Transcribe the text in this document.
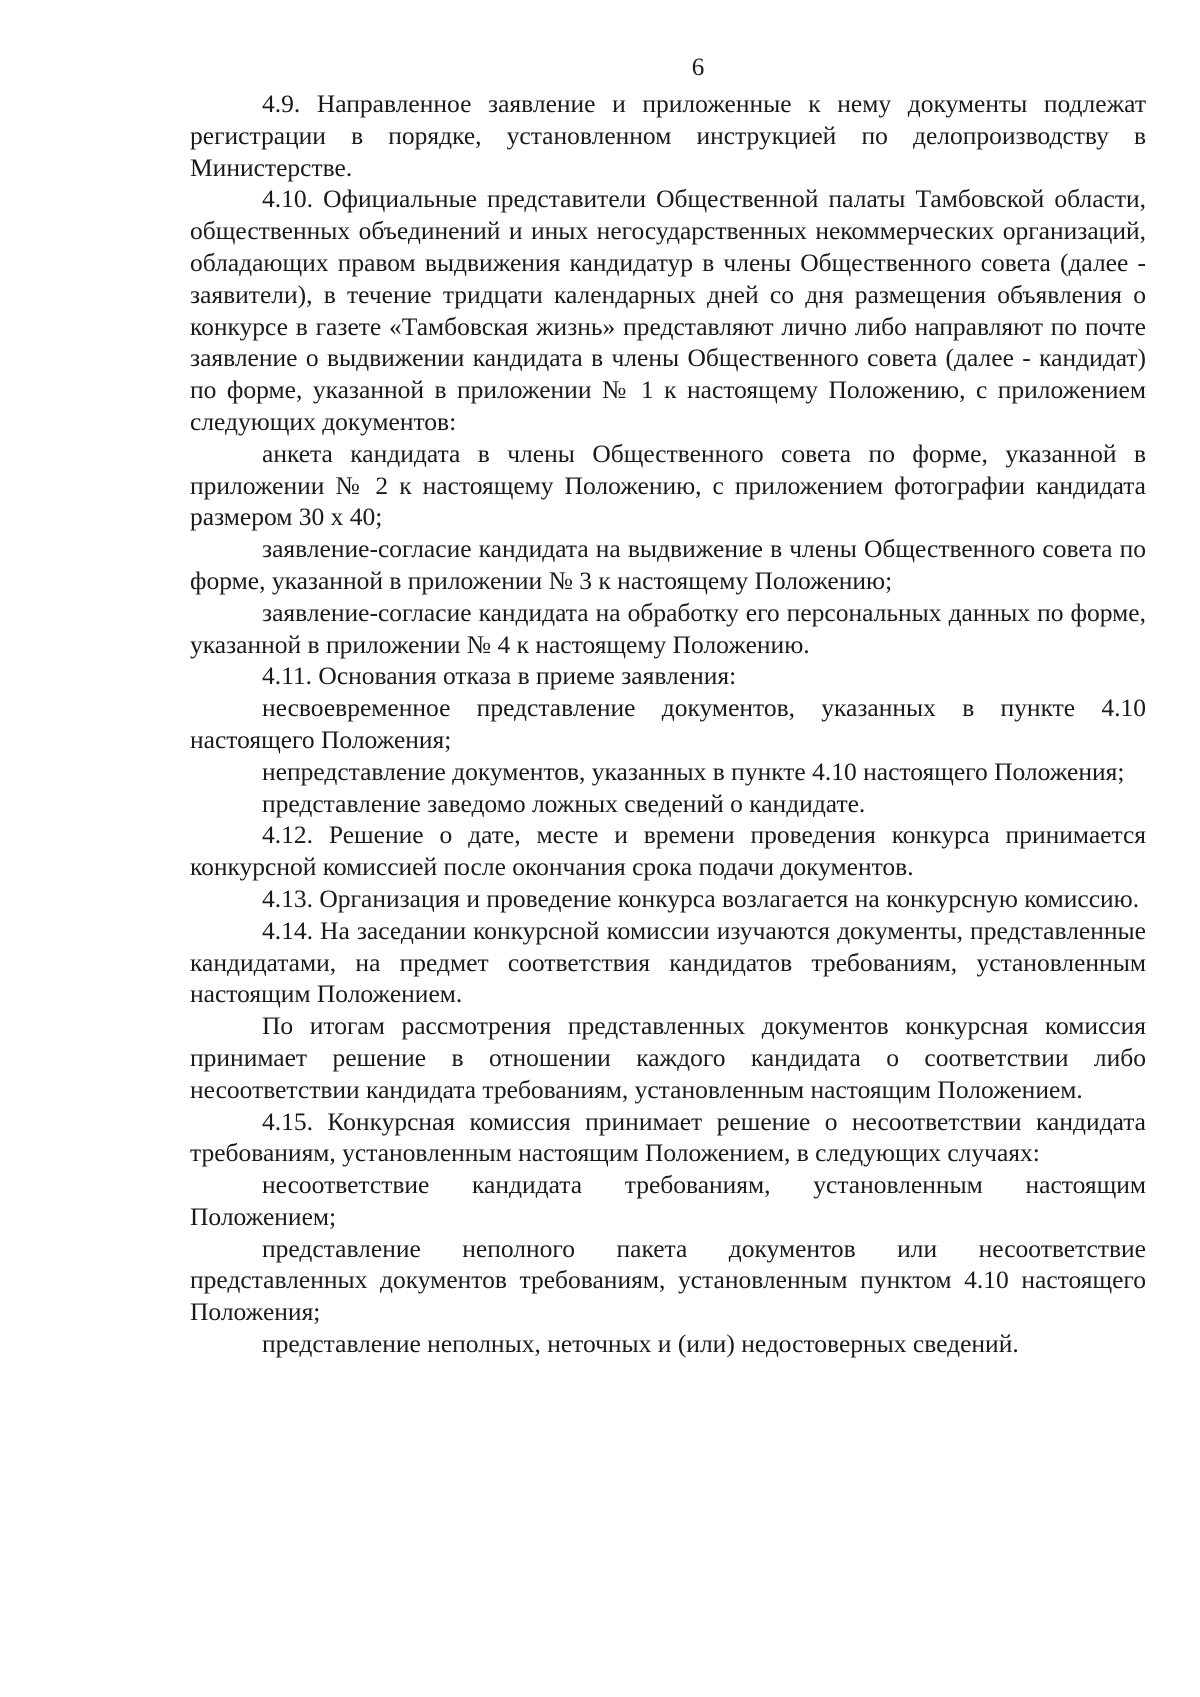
6

4.9. Направленное заявление и приложенные к нему документы подлежат регистрации в порядке, установленном инструкцией по делопроизводству в Министерстве.

4.10. Официальные представители Общественной палаты Тамбовской области, общественных объединений и иных негосударственных некоммерческих организаций, обладающих правом выдвижения кандидатур в члены Общественного совета (далее - заявители), в течение тридцати календарных дней со дня размещения объявления о конкурсе в газете «Тамбовская жизнь» представляют лично либо направляют по почте заявление о выдвижении кандидата в члены Общественного совета (далее - кандидат) по форме, указанной в приложении № 1 к настоящему Положению, с приложением следующих документов:

анкета кандидата в члены Общественного совета по форме, указанной в приложении № 2 к настоящему Положению, с приложением фотографии кандидата размером 30 х 40;

заявление-согласие кандидата на выдвижение в члены Общественного совета по форме, указанной в приложении № 3 к настоящему Положению;

заявление-согласие кандидата на обработку его персональных данных по форме, указанной в приложении № 4 к настоящему Положению.

4.11. Основания отказа в приеме заявления:

несвоевременное представление документов, указанных в пункте 4.10 настоящего Положения;

непредставление документов, указанных в пункте 4.10 настоящего Положения;

представление заведомо ложных сведений о кандидате.

4.12. Решение о дате, месте и времени проведения конкурса принимается конкурсной комиссией после окончания срока подачи документов.

4.13. Организация и проведение конкурса возлагается на конкурсную комиссию.

4.14. На заседании конкурсной комиссии изучаются документы, представленные кандидатами, на предмет соответствия кандидатов требованиям, установленным настоящим Положением.

По итогам рассмотрения представленных документов конкурсная комиссия принимает решение в отношении каждого кандидата о соответствии либо несоответствии кандидата требованиям, установленным настоящим Положением.

4.15. Конкурсная комиссия принимает решение о несоответствии кандидата требованиям, установленным настоящим Положением, в следующих случаях:

несоответствие кандидата требованиям, установленным настоящим Положением;

представление неполного пакета документов или несоответствие представленных документов требованиям, установленным пунктом 4.10 настоящего Положения;

представление неполных, неточных и (или) недостоверных сведений.
